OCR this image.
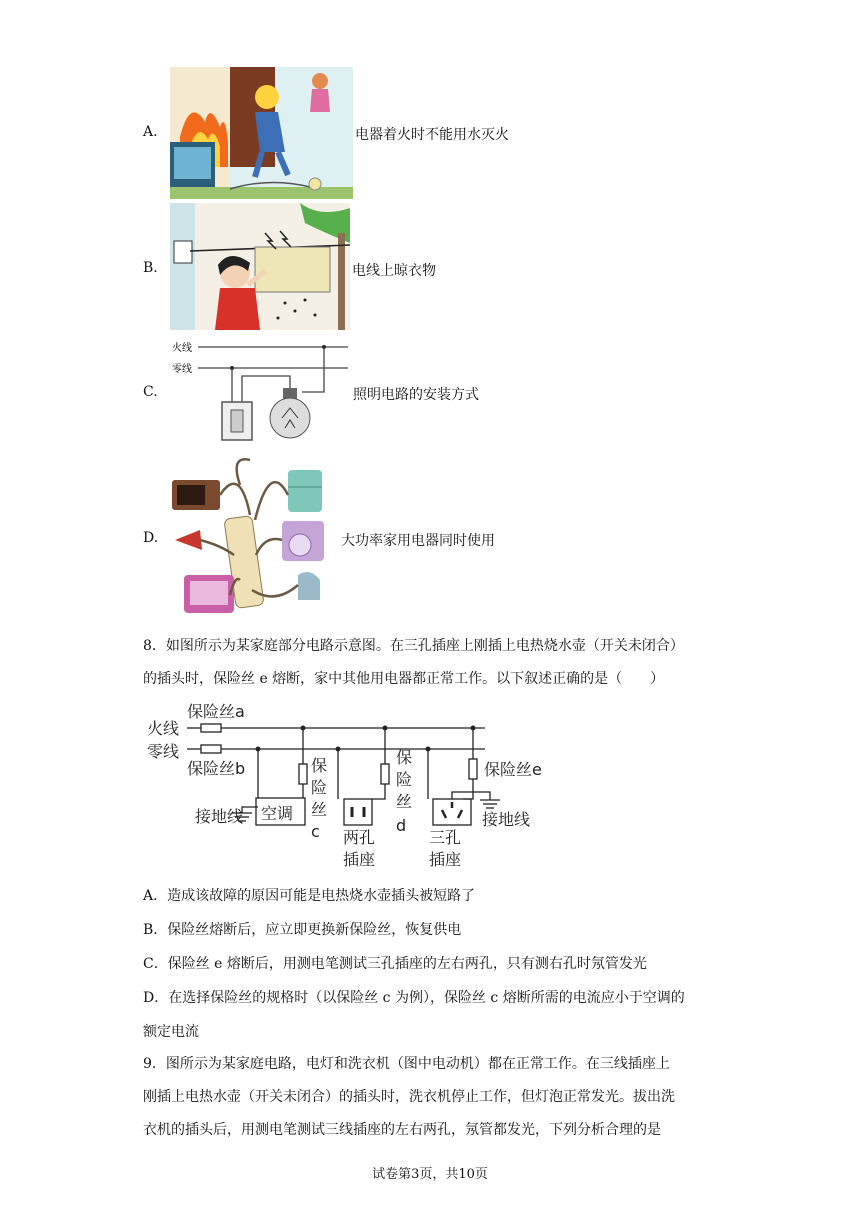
A.	电器着火时不能用水灭火
B.	电线上晾衣物
C.
火线
零线
照明电路的安装方式
D.	大功率家用电器同时使用
8．如图所示为某家庭部分电路示意图。在三孔插座上刚插上电热烧水壶（开关未闭合）
的插头时，保险丝 e 熔断，家中其他用电器都正常工作。以下叙述正确的是（　　）
保险丝a
火线
零线
保险丝b	保险丝e
接地线	接地线
保
险
丝
c
保
险
丝
d
两孔
插座
三孔
插座
空调
A．造成该故障的原因可能是电热烧水壶插头被短路了
B．保险丝熔断后，应立即更换新保险丝，恢复供电
C．保险丝 e 熔断后，用测电笔测试三孔插座的左右两孔，只有测右孔时氖管发光
D．在选择保险丝的规格时（以保险丝 c 为例），保险丝 c 熔断所需的电流应小于空调的
额定电流
9．图所示为某家庭电路，电灯和洗衣机（图中电动机）都在正常工作。在三线插座上
刚插上电热水壶（开关未闭合）的插头时，洗衣机停止工作，但灯泡正常发光。拔出洗
衣机的插头后，用测电笔测试三线插座的左右两孔，氖管都发光，下列分析合理的是
试卷第3页，共10页
